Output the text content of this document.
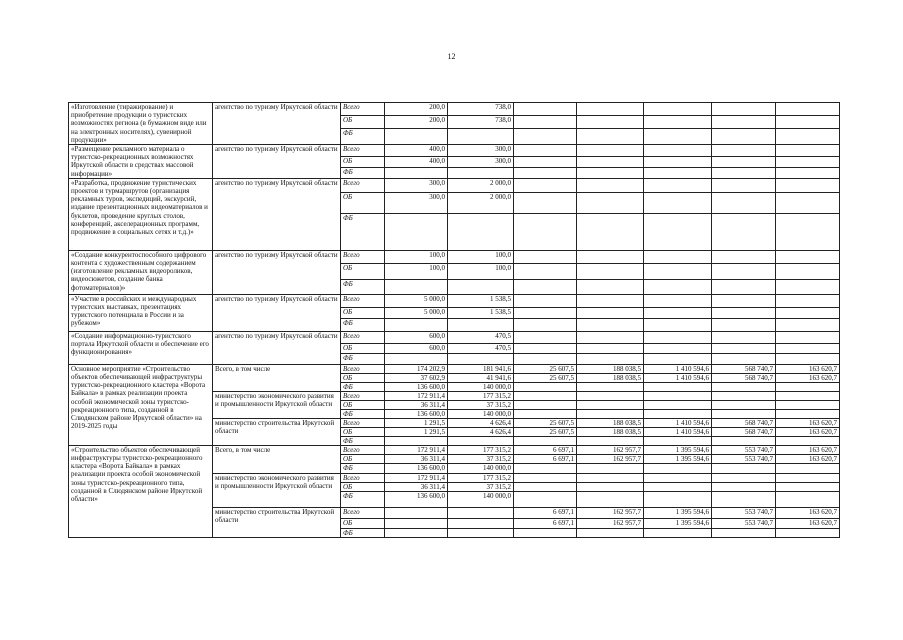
12
«Изготовление (тиражирование) и приобретение продукции о туристских возможностях региона (в бумажном виде или на электронных носителях), сувенирной продукции»	агентство по туризму Иркутской области	Всего	200,0	738,0					
		ОБ	200,0	738,0					
		ФБ							
«Размещение рекламного материала о туристско-рекреационных возможностях Иркутской области в средствах массовой информации»	агентство по туризму Иркутской области	Всего	400,0	300,0					
		ОБ	400,0	300,0					
		ФБ							
«Разработка, продвижение туристических проектов и турмаршрутов (организация рекламных туров, экспедиций, экскурсий, издание презентационных видеоматериалов и буклетов, проведение круглых столов, конференций, акселерационных программ, продвижение в социальных сетях и т.д.)»	агентство по туризму Иркутской области	Всего	300,0	2 000,0					
		ОБ	300,0	2 000,0					
		ФБ							
«Создание конкурентоспособного цифрового контента с художественным содержанием (изготовление рекламных видеороликов, видеосюжетов, создание банка фотоматериалов)»	агентство по туризму Иркутской области	Всего	100,0	100,0					
		ОБ	100,0	100,0					
		ФБ							
«Участие в российских и международных туристских выставках, презентациях туристского потенциала в России и за рубежом»	агентство по туризму Иркутской области	Всего	5 000,0	1 538,5					
		ОБ	5 000,0	1 538,5					
		ФБ							
«Создание информационно-туристского портала Иркутской области и обеспечение его функционирования»	агентство по туризму Иркутской области	Всего	600,0	470,5					
		ОБ	600,0	470,5					
		ФБ							
Основное мероприятие «Строительство объектов обеспечивающей инфраструктуры туристско-рекреационного кластера «Ворота Байкала» в рамках реализации проекта особой экономической зоны туристско-рекреационного типа, созданной в Слюдянском районе Иркутской области» на 2019-2025 годы	Всего, в том числе	Всего	174 202,9	181 941,6	25 607,5	188 038,5	1 410 594,6	568 740,7	163 620,7
		ОБ	37 602,9	41 941,6	25 607,5	188 038,5	1 410 594,6	568 740,7	163 620,7
		ФБ	136 600,0	140 000,0					
	министерство экономического развития и промышленности Иркутской области	Всего	172 911,4	177 315,2					
		ОБ	36 311,4	37 315,2					
		ФБ	136 600,0	140 000,0					
	министерство строительства Иркутской области	Всего	1 291,5	4 626,4	25 607,5	188 038,5	1 410 594,6	568 740,7	163 620,7
		ОБ	1 291,5	4 626,4	25 607,5	188 038,5	1 410 594,6	568 740,7	163 620,7
		ФБ							
«Строительство объектов обеспечивающей инфраструктуры туристско-рекреационного кластера «Ворота Байкала» в рамках реализации проекта особой экономической зоны туристско-рекреационного типа, созданной в Слюдянском районе Иркутской области»	Всего, в том числе	Всего	172 911,4	177 315,2	6 697,1	162 957,7	1 395 594,6	553 740,7	163 620,7
		ОБ	36 311,4	37 315,2	6 697,1	162 957,7	1 395 594,6	553 740,7	163 620,7
		ФБ	136 600,0	140 000,0					
	министерство экономического развития и промышленности Иркутской области	Всего	172 911,4	177 315,2					
		ОБ	36 311,4	37 315,2					
		ФБ	136 600,0	140 000,0					
	министерство строительства Иркутской области	Всего			6 697,1	162 957,7	1 395 594,6	553 740,7	163 620,7
		ОБ			6 697,1	162 957,7	1 395 594,6	553 740,7	163 620,7
		ФБ							
